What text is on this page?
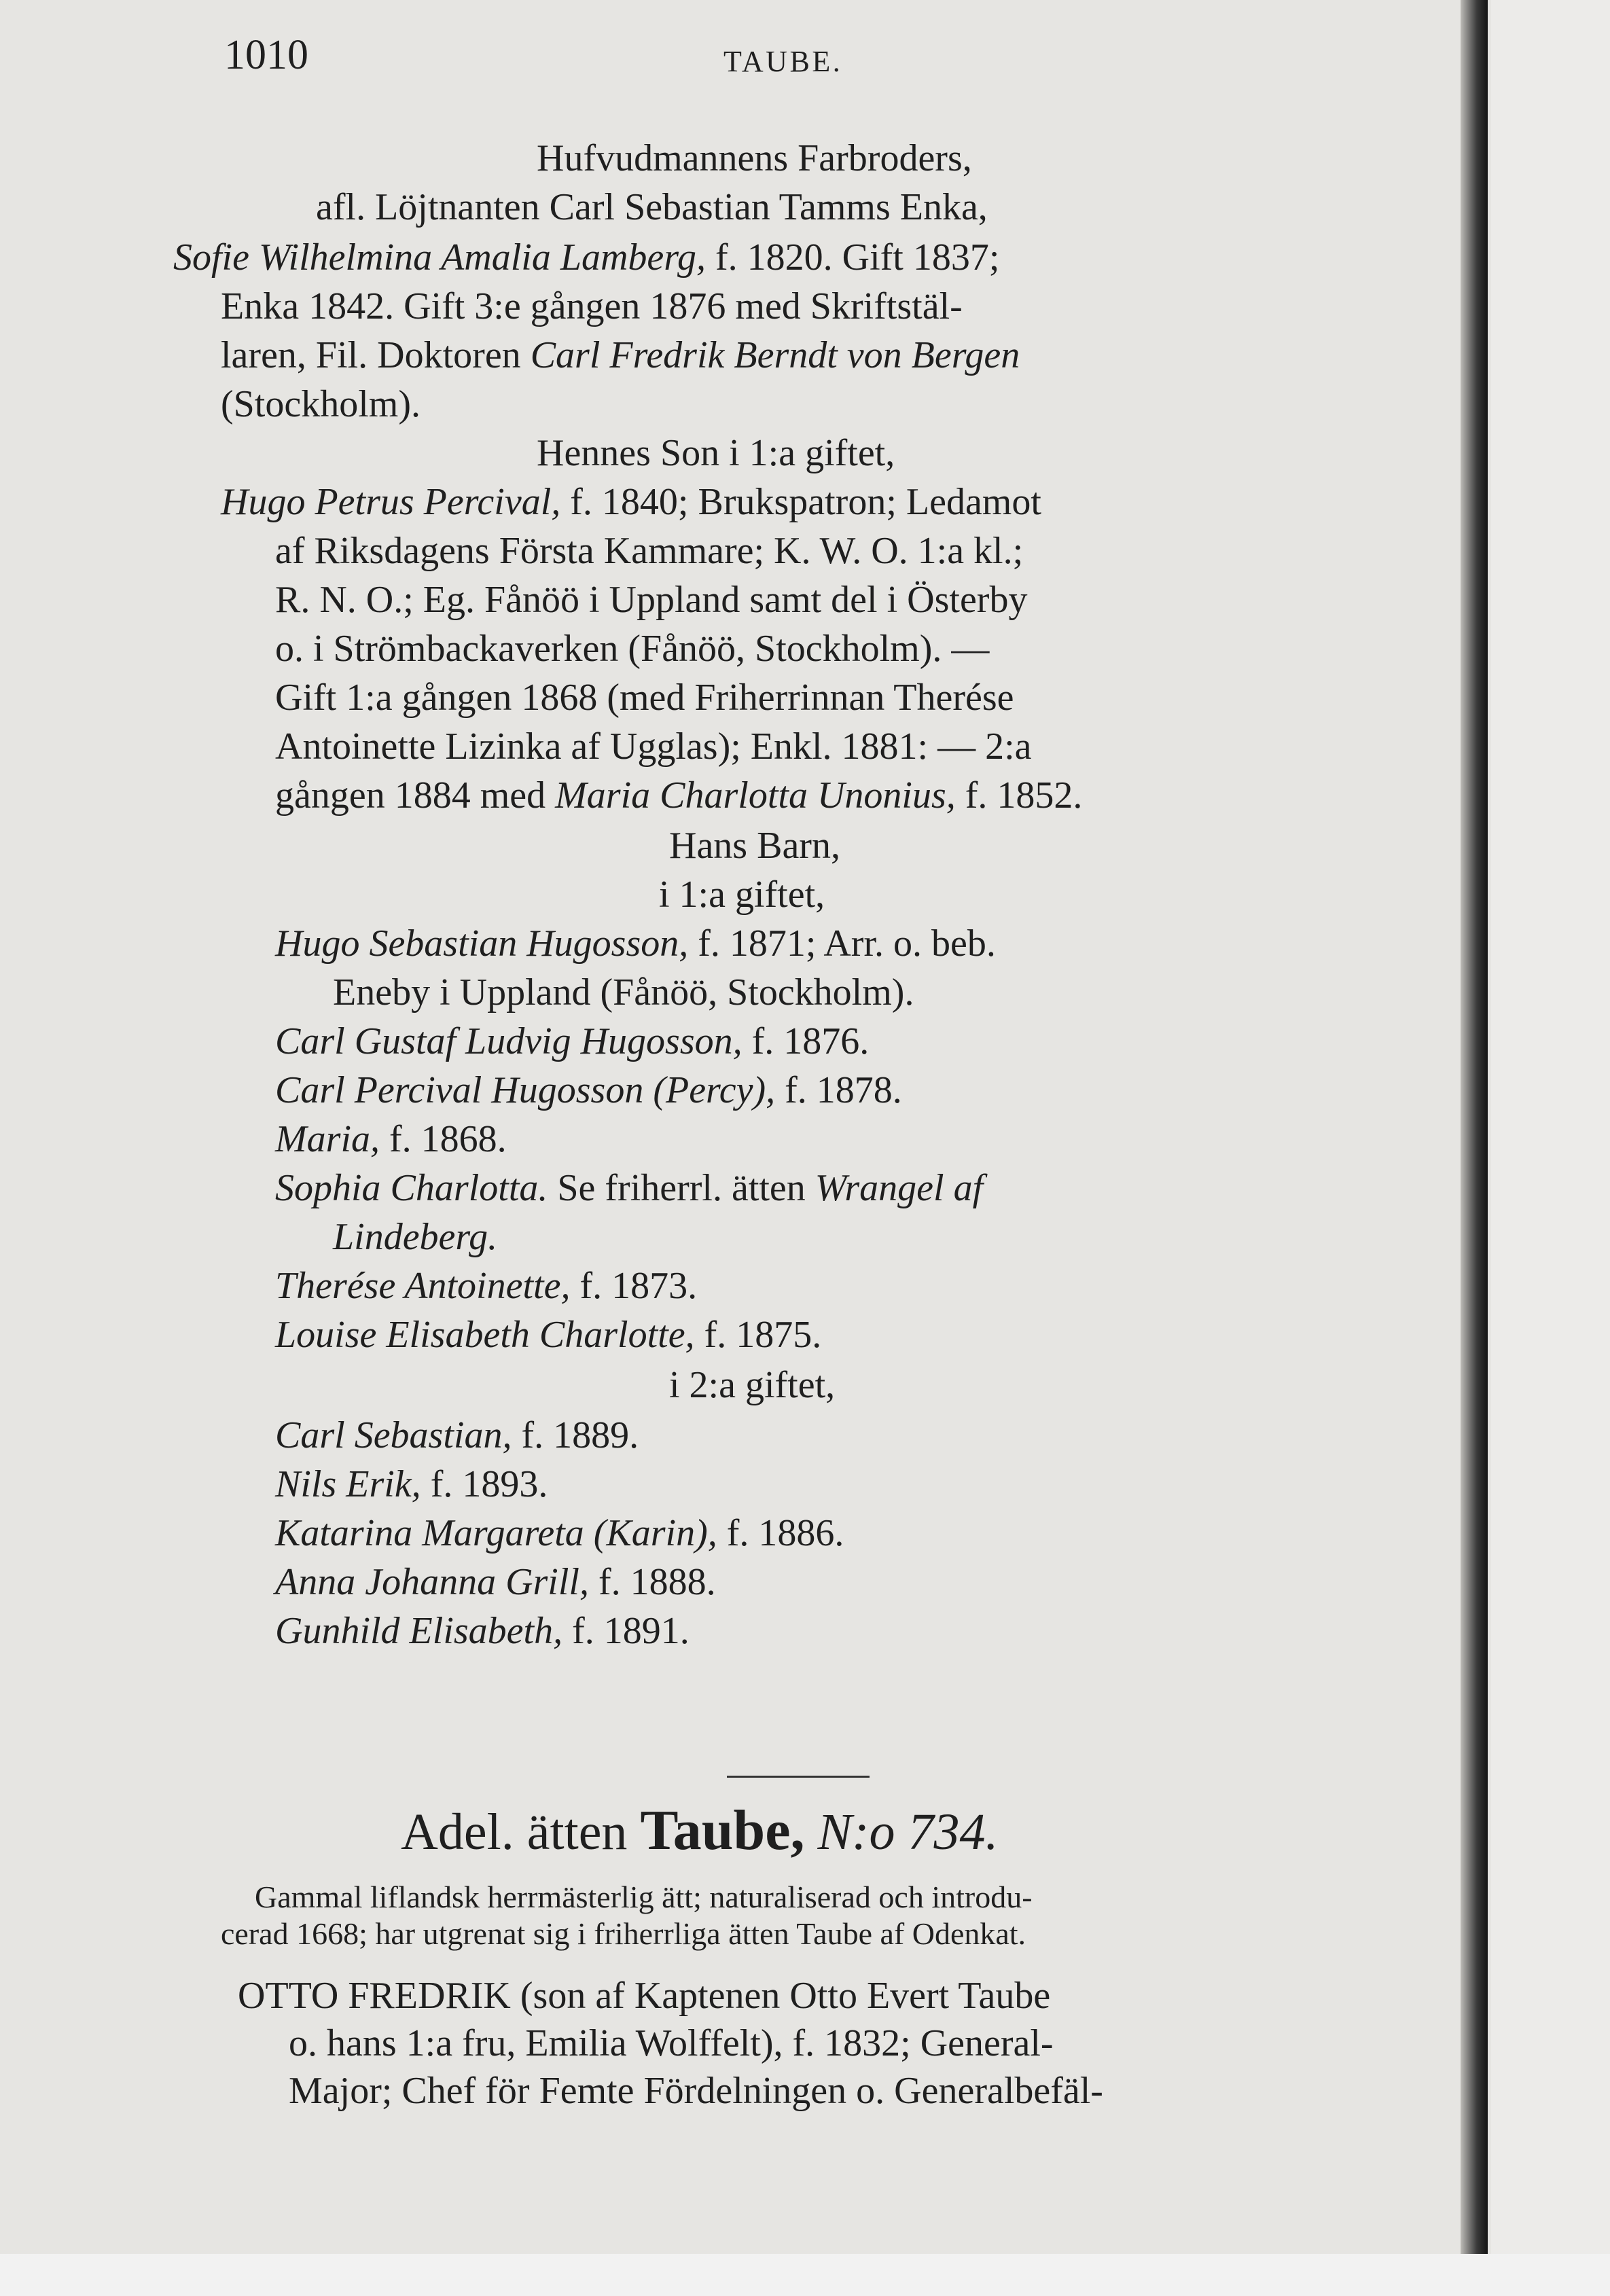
1010	TAUBE.
Hufvudmannens Farbroders,
afl. Löjtnanten Carl Sebastian Tamms Enka,
Sofie Wilhelmina Amalia Lamberg, f. 1820. Gift 1837;
Enka 1842. Gift 3:e gången 1876 med Skriftstäl-
laren, Fil. Doktoren Carl Fredrik Berndt von Bergen
(Stockholm).
Hennes Son i 1:a giftet,
Hugo Petrus Percival, f. 1840; Brukspatron; Ledamot
af Riksdagens Första Kammare; K. W. O. 1:a kl.;
R. N. O.; Eg. Fånöö i Uppland samt del i Österby
o. i Strömbackaverken (Fånöö, Stockholm). —
Gift 1:a gången 1868 (med Friherrinnan Therése
Antoinette Lizinka af Ugglas); Enkl. 1881: — 2:a
gången 1884 med Maria Charlotta Unonius, f. 1852.
Hans Barn,
i 1:a giftet,
Hugo Sebastian Hugosson, f. 1871; Arr. o. beb.
Eneby i Uppland (Fånöö, Stockholm).
Carl Gustaf Ludvig Hugosson, f. 1876.
Carl Percival Hugosson (Percy), f. 1878.
Maria, f. 1868.
Sophia Charlotta. Se friherrl. ätten Wrangel af
Lindeberg.
Therése Antoinette, f. 1873.
Louise Elisabeth Charlotte, f. 1875.
i 2:a giftet,
Carl Sebastian, f. 1889.
Nils Erik, f. 1893.
Katarina Margareta (Karin), f. 1886.
Anna Johanna Grill, f. 1888.
Gunhild Elisabeth, f. 1891.
Adel. ätten Taube, N:o 734.
Gammal liflandsk herrmästerlig ätt; naturaliserad och introdu-
cerad 1668; har utgrenat sig i friherrliga ätten Taube af Odenkat.
OTTO FREDRIK (son af Kaptenen Otto Evert Taube
o. hans 1:a fru, Emilia Wolffelt), f. 1832; General-
Major; Chef för Femte Fördelningen o. Generalbefäl-
